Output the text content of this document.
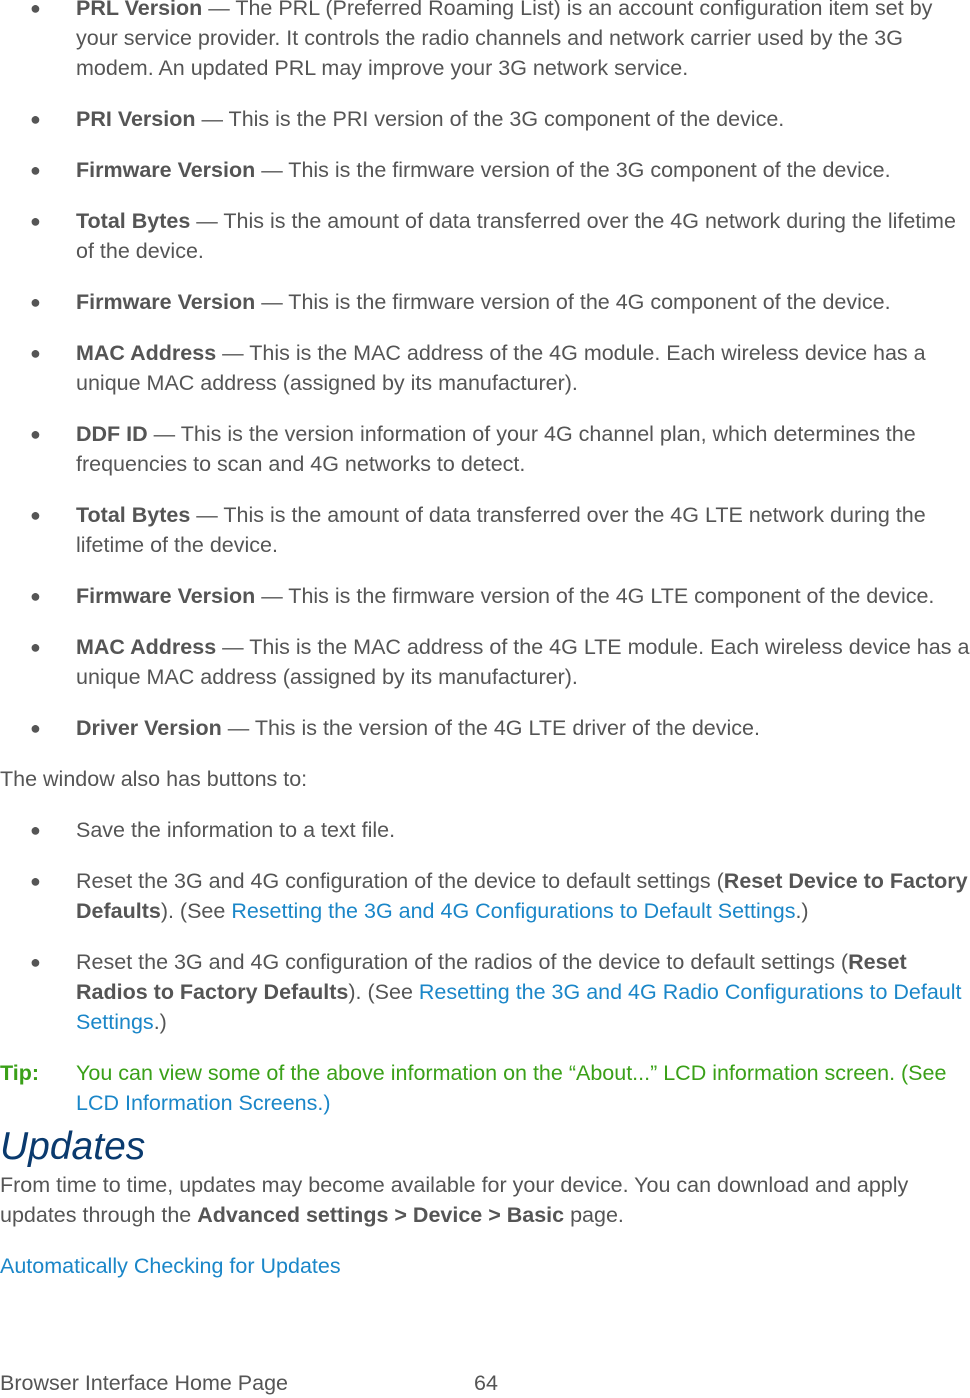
● PRL Version — The PRL (Preferred Roaming List) is an account configuration item set by your service provider. It controls the radio channels and network carrier used by the 3G modem. An updated PRL may improve your 3G network service.
● PRI Version — This is the PRI version of the 3G component of the device.
● Firmware Version — This is the firmware version of the 3G component of the device.
● Total Bytes — This is the amount of data transferred over the 4G network during the lifetime of the device.
● Firmware Version — This is the firmware version of the 4G component of the device.
● MAC Address — This is the MAC address of the 4G module. Each wireless device has a unique MAC address (assigned by its manufacturer).
● DDF ID — This is the version information of your 4G channel plan, which determines the frequencies to scan and 4G networks to detect.
● Total Bytes — This is the amount of data transferred over the 4G LTE network during the lifetime of the device.
● Firmware Version — This is the firmware version of the 4G LTE component of the device.
● MAC Address — This is the MAC address of the 4G LTE module. Each wireless device has a unique MAC address (assigned by its manufacturer).
● Driver Version — This is the version of the 4G LTE driver of the device.

The window also has buttons to:

● Save the information to a text file.
● Reset the 3G and 4G configuration of the device to default settings (Reset Device to Factory Defaults). (See Resetting the 3G and 4G Configurations to Default Settings.)
● Reset the 3G and 4G configuration of the radios of the device to default settings (Reset Radios to Factory Defaults). (See Resetting the 3G and 4G Radio Configurations to Default Settings.)
Tip: You can view some of the above information on the “About...” LCD information screen. (See LCD Information Screens.)
Updates

From time to time, updates may become available for your device. You can download and apply updates through the Advanced settings > Device > Basic page.

Automatically Checking for Updates
Browser Interface Home Page	64
